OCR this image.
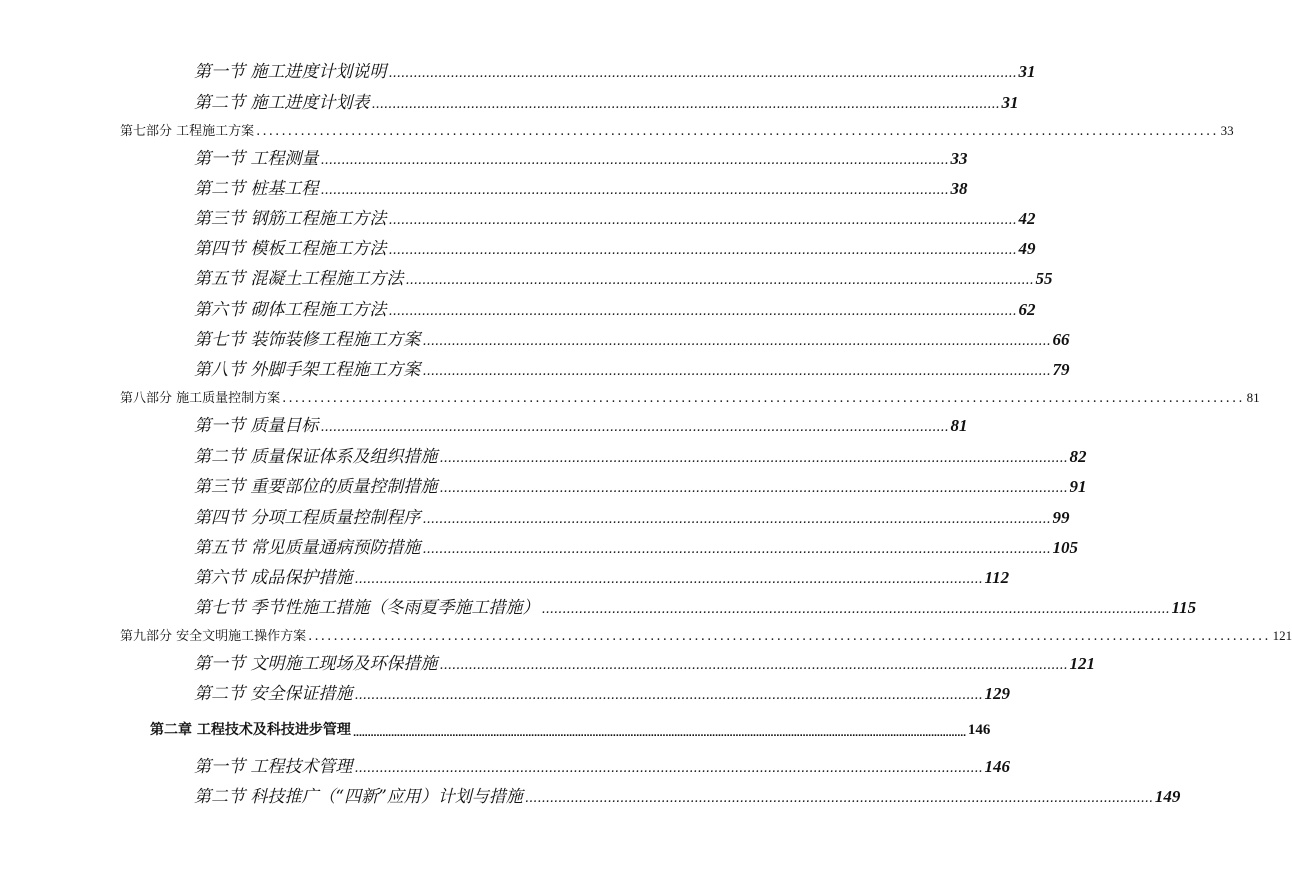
第一节 施工进度计划说明 ........................................................................................................................................................ 31
第二节 施工进度计划表 ........................................................................................................................................................ 31
第七部分 工程施工方案 ........................................................................................................................................................ 33
第一节 工程测量 ........................................................................................................................................................ 33
第二节 桩基工程 ........................................................................................................................................................ 38
第三节 钢筋工程施工方法 ........................................................................................................................................................ 42
第四节 模板工程施工方法 ........................................................................................................................................................ 49
第五节 混凝土工程施工方法 ........................................................................................................................................................ 55
第六节 砌体工程施工方法 ........................................................................................................................................................ 62
第七节 装饰装修工程施工方案 ........................................................................................................................................................ 66
第八节 外脚手架工程施工方案 ........................................................................................................................................................ 79
第八部分 施工质量控制方案 ........................................................................................................................................................ 81
第一节 质量目标 ........................................................................................................................................................ 81
第二节 质量保证体系及组织措施 ........................................................................................................................................................ 82
第三节 重要部位的质量控制措施 ........................................................................................................................................................ 91
第四节 分项工程质量控制程序 ........................................................................................................................................................ 99
第五节 常见质量通病预防措施 ........................................................................................................................................................ 105
第六节 成品保护措施 ........................................................................................................................................................ 112
第七节 季节性施工措施（冬雨夏季施工措施） ........................................................................................................................................................ 115
第九部分 安全文明施工操作方案 ........................................................................................................................................................ 121
第一节 文明施工现场及环保措施 ........................................................................................................................................................ 121
第二节 安全保证措施 ........................................................................................................................................................ 129
第二章 工程技术及科技进步管理 .................................................................................................................................................................................................................. 146
第一节 工程技术管理 ........................................................................................................................................................ 146
第二节 科技推广（“四新”应用）计划与措施 ........................................................................................................................................................ 149
